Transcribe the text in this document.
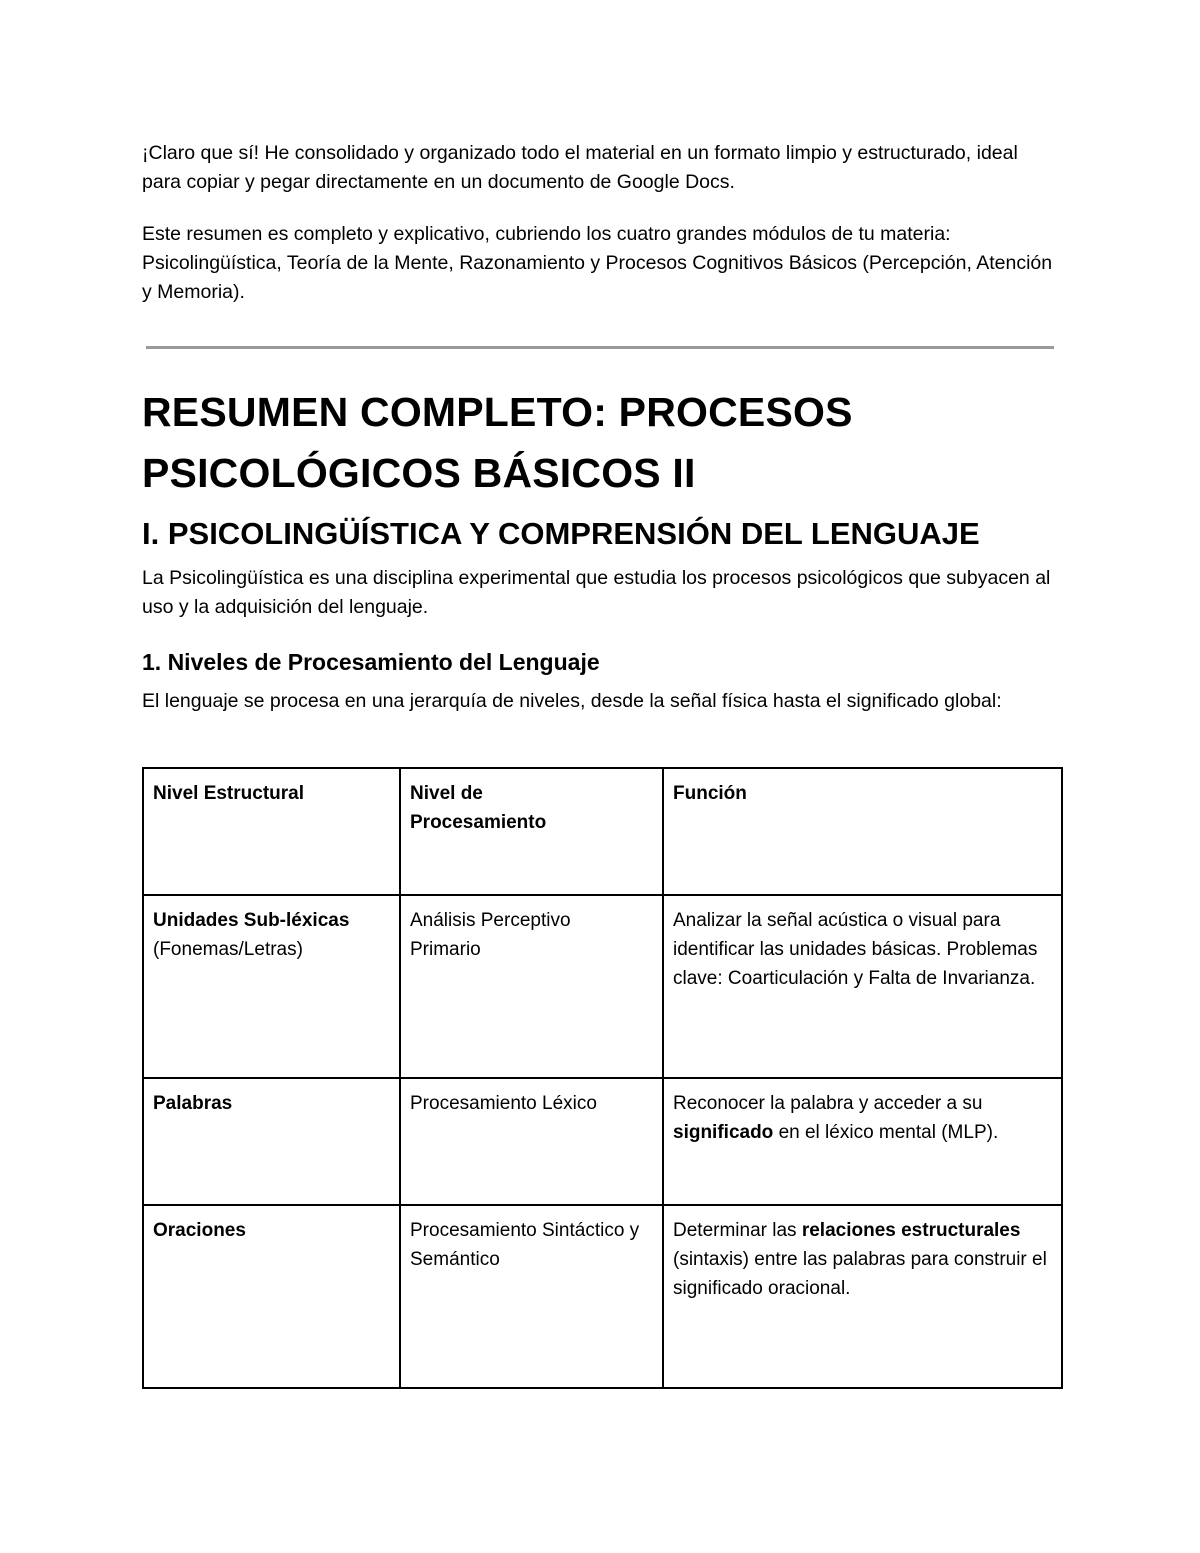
¡Claro que sí! He consolidado y organizado todo el material en un formato limpio y estructurado, ideal para copiar y pegar directamente en un documento de Google Docs.

Este resumen es completo y explicativo, cubriendo los cuatro grandes módulos de tu materia: Psicolingüística, Teoría de la Mente, Razonamiento y Procesos Cognitivos Básicos (Percepción, Atención y Memoria).

RESUMEN COMPLETO: PROCESOS PSICOLÓGICOS BÁSICOS II
I. PSICOLINGÜÍSTICA Y COMPRENSIÓN DEL LENGUAJE

La Psicolingüística es una disciplina experimental que estudia los procesos psicológicos que subyacen al uso y la adquisición del lenguaje.

1. Niveles de Procesamiento del Lenguaje

El lenguaje se procesa en una jerarquía de niveles, desde la señal física hasta el significado global:

Nivel Estructural	Nivel de Procesamiento	Función
Unidades Sub-léxicas
(Fonemas/Letras)	Análisis Perceptivo Primario	Analizar la señal acústica o visual para identificar las unidades básicas. Problemas clave: Coarticulación y Falta de Invarianza.
Palabras	Procesamiento Léxico	Reconocer la palabra y acceder a su significado en el léxico mental (MLP).
Oraciones	Procesamiento Sintáctico y Semántico	Determinar las relaciones estructurales (sintaxis) entre las palabras para construir el significado oracional.
